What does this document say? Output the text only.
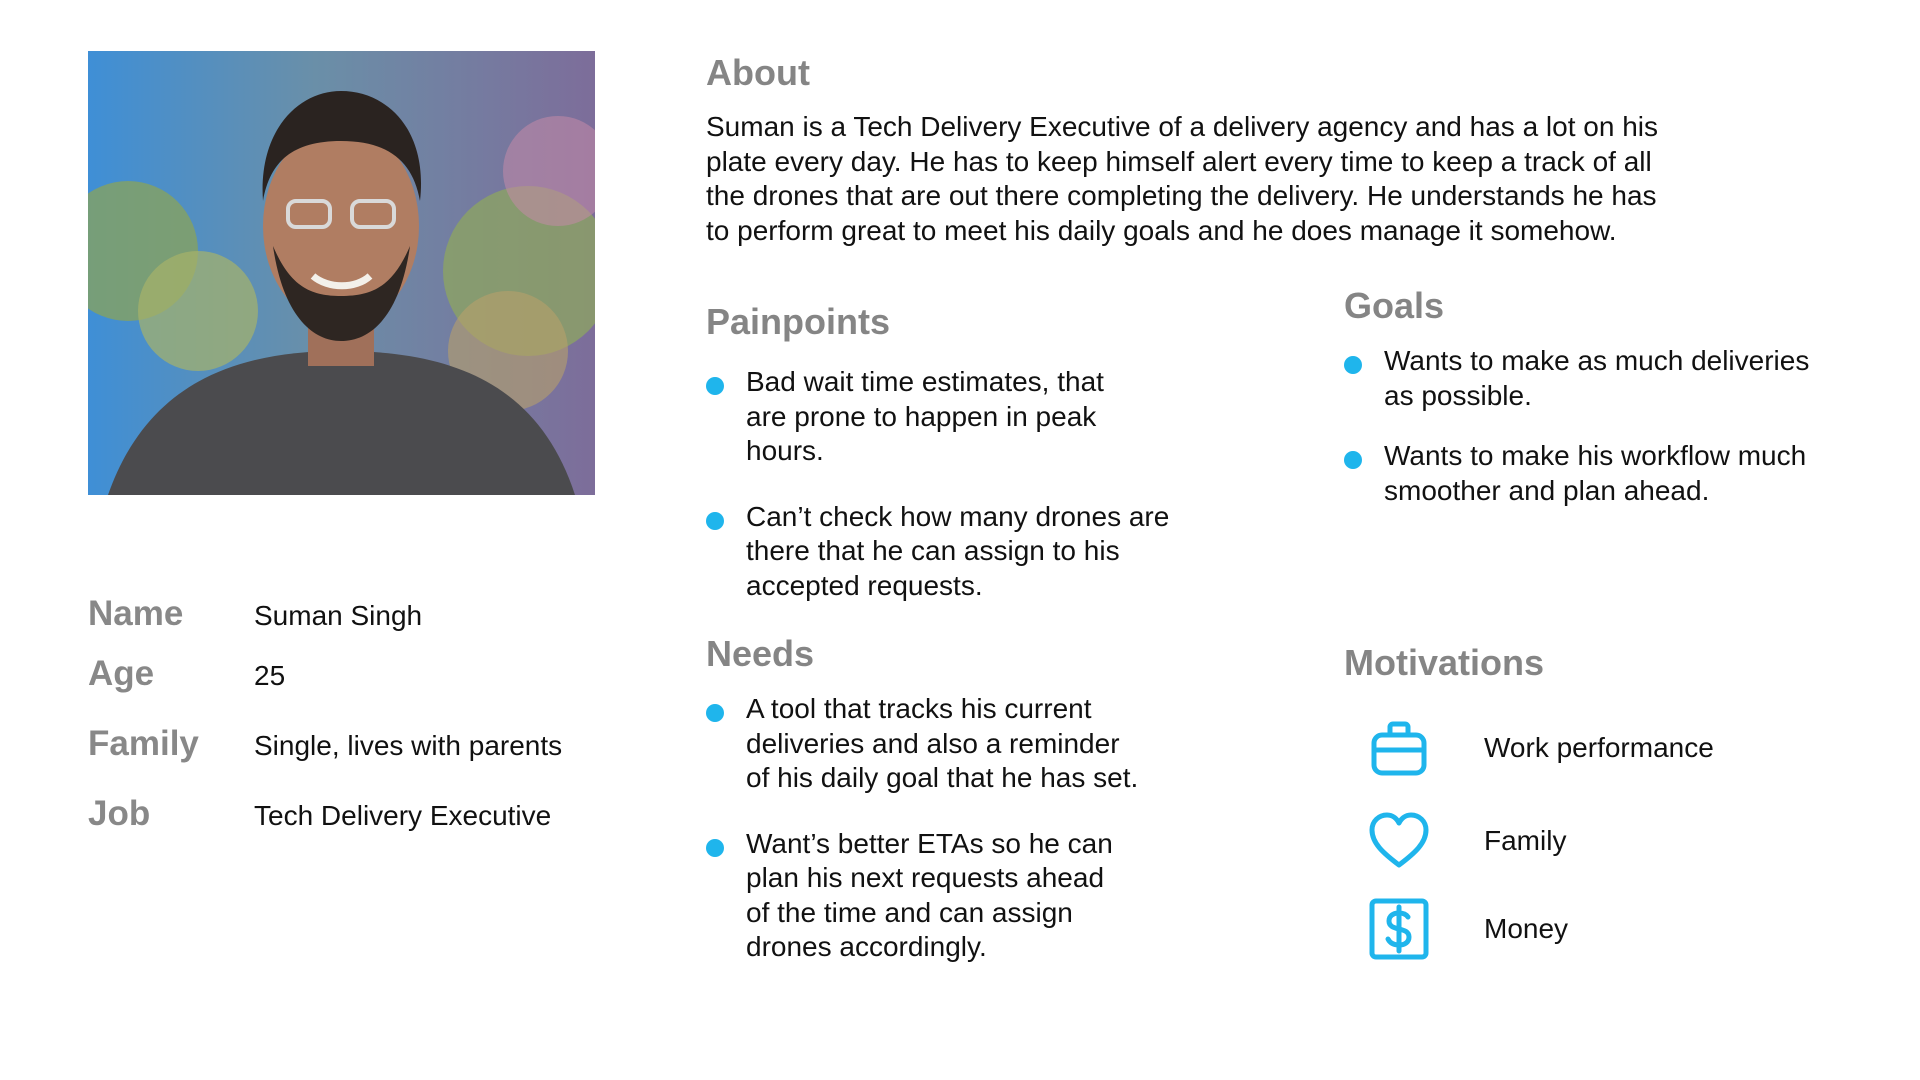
Name	Suman Singh
Age	25
Family	Single, lives with parents
Job	Tech Delivery Executive
About
Suman is a Tech Delivery Executive of a delivery agency and has a lot on his
plate every day. He has to keep himself alert every time to keep a track of all
the drones that are out there completing the delivery. He understands he has
to perform great to meet his daily goals and he does manage it somehow.
Painpoints
Bad wait time estimates, that
are prone to happen in peak
hours.
Can’t check how many drones are
there that he can assign to his
accepted requests.
Needs
A tool that tracks his current
deliveries and also a reminder
of his daily goal that he has set.
Want’s better ETAs so he can
plan his next requests ahead
of the time and can assign
drones accordingly.
Goals
Wants to make as much deliveries
as possible.
Wants to make his workflow much
smoother and plan ahead.
Motivations
Work performance
Family
Money
